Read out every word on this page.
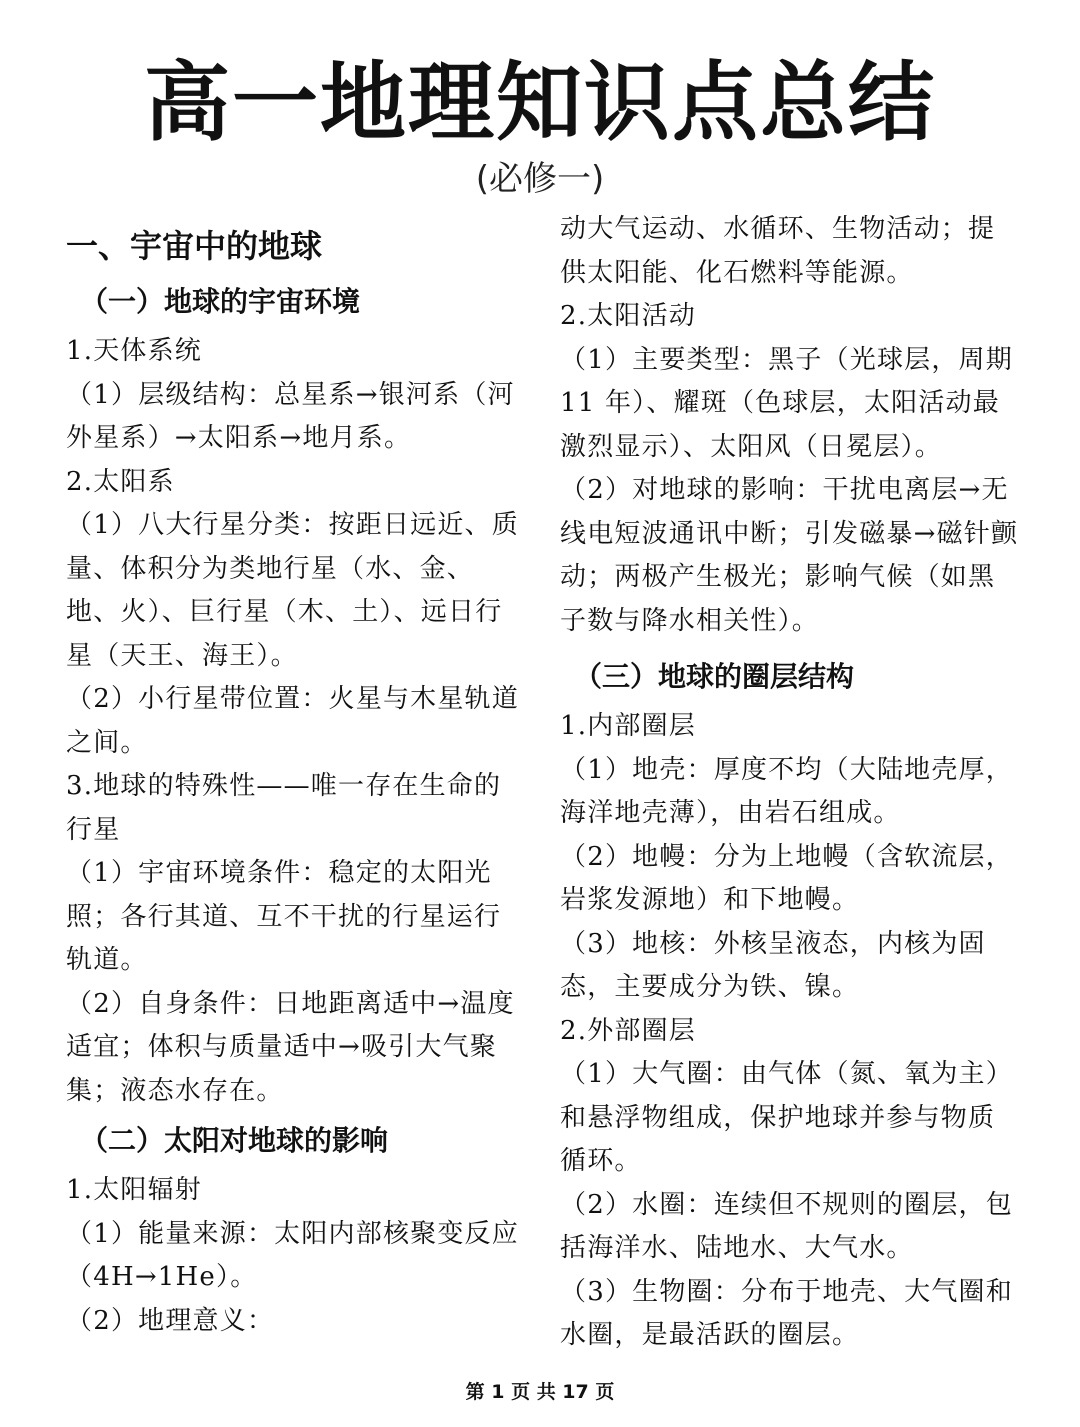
高一地理知识点总结
(必修一)
一、宇宙中的地球
（一）地球的宇宙环境

1.天体系统

（1）层级结构：总星系→银河系（河外星系）→太阳系→地月系。

2.太阳系

（1）八大行星分类：按距日远近、质量、体积分为类地行星（水、金、地、火）、巨行星（木、土）、远日行星（天王、海王）。

（2）小行星带位置：火星与木星轨道之间。

3.地球的特殊性——唯一存在生命的行星

（1）宇宙环境条件：稳定的太阳光照；各行其道、互不干扰的行星运行轨道。

（2）自身条件：日地距离适中→温度适宜；体积与质量适中→吸引大气聚集；液态水存在。

（二）太阳对地球的影响

1.太阳辐射

（1）能量来源：太阳内部核聚变反应（4H→1He）。

（2）地理意义：

动大气运动、水循环、生物活动；提供太阳能、化石燃料等能源。

2.太阳活动

（1）主要类型：黑子（光球层，周期 11 年）、耀斑（色球层，太阳活动最激烈显示）、太阳风（日冕层）。

（2）对地球的影响：干扰电离层→无线电短波通讯中断；引发磁暴→磁针颤动；两极产生极光；影响气候（如黑子数与降水相关性）。

（三）地球的圈层结构

1.内部圈层

（1）地壳：厚度不均（大陆地壳厚，海洋地壳薄），由岩石组成。

（2）地幔：分为上地幔（含软流层，岩浆发源地）和下地幔。

（3）地核：外核呈液态，内核为固态，主要成分为铁、镍。

2.外部圈层

（1）大气圈：由气体（氮、氧为主）和悬浮物组成，保护地球并参与物质循环。

（2）水圈：连续但不规则的圈层，包括海洋水、陆地水、大气水。

（3）生物圈：分布于地壳、大气圈和水圈，是最活跃的圈层。

第 1 页 共 17 页
